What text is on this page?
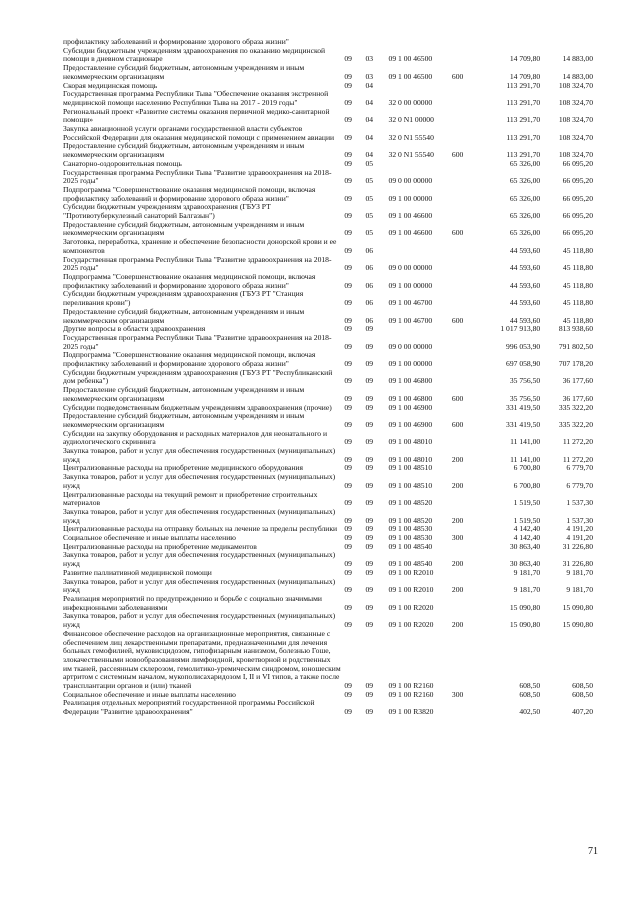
профилактику заболеваний и формирование здорового образа жизни"
Субсидии бюджетным учреждениям здравоохранения по оказанию медицинской
помощи в дневном стационаре	09	03	09 1 00 46500	14 709,80	14 883,00
Предоставление субсидий бюджетным, автономным учреждениям и иным
некоммерческим организациям	09	03	09 1 00 46500	600	14 709,80	14 883,00
Скорая медицинская помощь	09	04	113 291,70	108 324,70
Государственная программа Республики Тыва "Обеспечение оказания экстренной
медицинской помощи населению Республики Тыва на 2017 - 2019 годы"	09	04	32 0 00 00000	113 291,70	108 324,70
Региональный проект «Развитие системы оказания первичной медико-санитарной
помощи»	09	04	32 0 N1 00000	113 291,70	108 324,70
Закупка авиационной услуги органами государственной власти субъектов
Российской Федерации для оказания медицинской помощи с применением авиации	09	04	32 0 N1 55540	113 291,70	108 324,70
Предоставление субсидий бюджетным, автономным учреждениям и иным
некоммерческим организациям	09	04	32 0 N1 55540	600	113 291,70	108 324,70
Санаторно-оздоровительная помощь	09	05	65 326,00	66 095,20
Государственная программа Республики Тыва "Развитие здравоохранения на 2018-
2025 годы"	09	05	09 0 00 00000	65 326,00	66 095,20
Подпрограмма "Совершенствование оказания медицинской помощи, включая
профилактику заболеваний и формирование здорового образа жизни"	09	05	09 1 00 00000	65 326,00	66 095,20
Субсидии бюджетным учреждениям здравоохранения (ГБУЗ РТ
"Противотуберкулезный санаторий Балгазын")	09	05	09 1 00 46600	65 326,00	66 095,20
Предоставление субсидий бюджетным, автономным учреждениям и иным
некоммерческим организациям	09	05	09 1 00 46600	600	65 326,00	66 095,20
Заготовка, переработка, хранение и обеспечение безопасности донорской крови и ее
компонентов	09	06	44 593,60	45 118,80
Государственная программа Республики Тыва "Развитие здравоохранения на 2018-
2025 годы"	09	06	09 0 00 00000	44 593,60	45 118,80
Подпрограмма "Совершенствование оказания медицинской помощи, включая
профилактику заболеваний и формирование здорового образа жизни"	09	06	09 1 00 00000	44 593,60	45 118,80
Субсидии бюджетным учреждениям здравоохранения (ГБУЗ РТ "Станция
переливания крови")	09	06	09 1 00 46700	44 593,60	45 118,80
Предоставление субсидий бюджетным, автономным учреждениям и иным
некоммерческим организациям	09	06	09 1 00 46700	600	44 593,60	45 118,80
Другие вопросы в области здравоохранения	09	09	1 017 913,80	813 938,60
Государственная программа Республики Тыва "Развитие здравоохранения на 2018-
2025 годы"	09	09	09 0 00 00000	996 053,90	791 802,50
Подпрограмма "Совершенствование оказания медицинской помощи, включая
профилактику заболеваний и формирование здорового образа жизни"	09	09	09 1 00 00000	697 058,90	707 178,20
Субсидии бюджетным учреждениям здравоохранения (ГБУЗ РТ "Республиканский
дом ребенка")	09	09	09 1 00 46800	35 756,50	36 177,60
Предоставление субсидий бюджетным, автономным учреждениям и иным
некоммерческим организациям	09	09	09 1 00 46800	600	35 756,50	36 177,60
Субсидии подведомственным бюджетным учреждениям здравоохранения (прочие)	09	09	09 1 00 46900	331 419,50	335 322,20
Предоставление субсидий бюджетным, автономным учреждениям и иным
некоммерческим организациям	09	09	09 1 00 46900	600	331 419,50	335 322,20
Субсидии на закупку оборудования и расходных материалов для неонатального и
аудиологического скрининга	09	09	09 1 00 48010	11 141,00	11 272,20
Закупка товаров, работ и услуг для обеспечения государственных (муниципальных)
нужд	09	09	09 1 00 48010	200	11 141,00	11 272,20
Централизованные расходы на приобретение медицинского оборудования	09	09	09 1 00 48510	6 700,80	6 779,70
Закупка товаров, работ и услуг для обеспечения государственных (муниципальных)
нужд	09	09	09 1 00 48510	200	6 700,80	6 779,70
Централизованные расходы на текущий ремонт и приобретение строительных
материалов	09	09	09 1 00 48520	1 519,50	1 537,30
Закупка товаров, работ и услуг для обеспечения государственных (муниципальных)
нужд	09	09	09 1 00 48520	200	1 519,50	1 537,30
Централизованные расходы на отправку больных на лечение за пределы республики 09	09	09 1 00 48530	4 142,40	4 191,20
Социальное обеспечение и иные выплаты населению	09	09	09 1 00 48530	300	4 142,40	4 191,20
Централизованные расходы на приобретение медикаментов	09	09	09 1 00 48540	30 863,40	31 226,80
Закупка товаров, работ и услуг для обеспечения государственных (муниципальных)
нужд	09	09	09 1 00 48540	200	30 863,40	31 226,80
Развитие паллиативной медицинской помощи	09	09	09 1 00 R2010	9 181,70	9 181,70
Закупка товаров, работ и услуг для обеспечения государственных (муниципальных)
нужд	09	09	09 1 00 R2010	200	9 181,70	9 181,70
Реализация мероприятий по предупреждению и борьбе с социально значимыми
инфекционными заболеваниями	09	09	09 1 00 R2020	15 090,80	15 090,80
Закупка товаров, работ и услуг для обеспечения государственных (муниципальных)
нужд	09	09	09 1 00 R2020	200	15 090,80	15 090,80
Финансовое обеспечение расходов на организационные мероприятия, связанные с
обеспечением лиц лекарственными препаратами, предназначенными для лечения
больных гемофилией, муковисцидозом, гипофизарным нанизмом, болезнью Гоше,
злокачественными новообразованиями лимфоидной, кроветворной и родственных
им тканей, рассеянным склерозом, гемолитико-уремическим синдромом, юношеским
артритом с системным началом, мукополисахаридозом I, II и VI типов, а также после
трансплантации органов и (или) тканей	09	09	09 1 00 R2160	608,50	608,50
Социальное обеспечение и иные выплаты населению	09	09	09 1 00 R2160	300	608,50	608,50
Реализация отдельных мероприятий государственной программы Российской
Федерации "Развитие здравоохранения"	09	09	09 1 00 R3820	402,50	407,20
71
